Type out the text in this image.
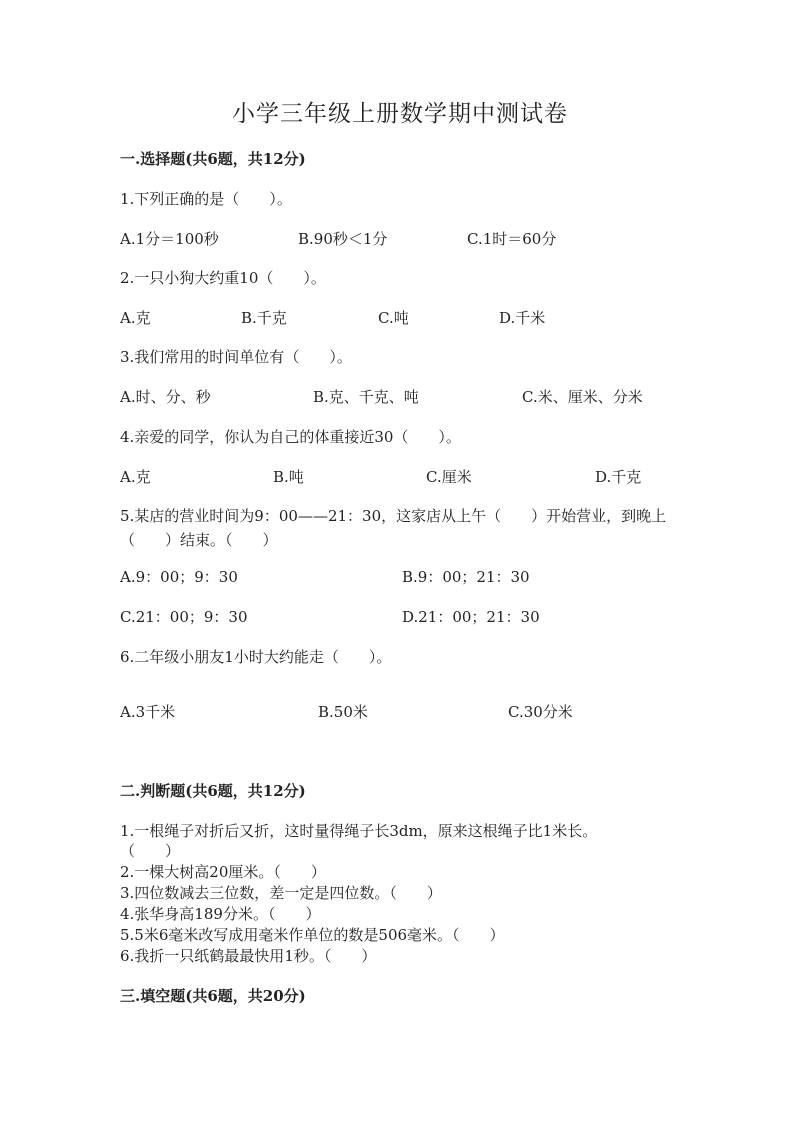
小学三年级上册数学期中测试卷
一.选择题(共6题，共12分)
1.下列正确的是（　　）。
A.1分＝100秒	B.90秒＜1分	C.1时＝60分
2.一只小狗大约重10（　　）。
A.克	B.千克	C.吨	D.千米
3.我们常用的时间单位有（　　）。
A.时、分、秒	B.克、千克、吨	C.米、厘米、分米
4.亲爱的同学，你认为自己的体重接近30（　　）。
A.克	B.吨	C.厘米	D.千克
5.某店的营业时间为9：00——21：30，这家店从上午（　　）开始营业，到晚上（　　）结束。（　　）
A.9：00；9：30	B.9：00；21：30
C.21：00；9：30	D.21：00；21：30
6.二年级小朋友1小时大约能走（　　）。
A.3千米	B.50米	C.30分米
二.判断题(共6题，共12分)
1.一根绳子对折后又折，这时量得绳子长3dm，原来这根绳子比1米长。
（　　）
2.一棵大树高20厘米。（　　）
3.四位数减去三位数，差一定是四位数。（　　）
4.张华身高189分米。（　　）
5.5米6毫米改写成用毫米作单位的数是506毫米。（　　）
6.我折一只纸鹤最最快用1秒。（　　）
三.填空题(共6题，共20分)
